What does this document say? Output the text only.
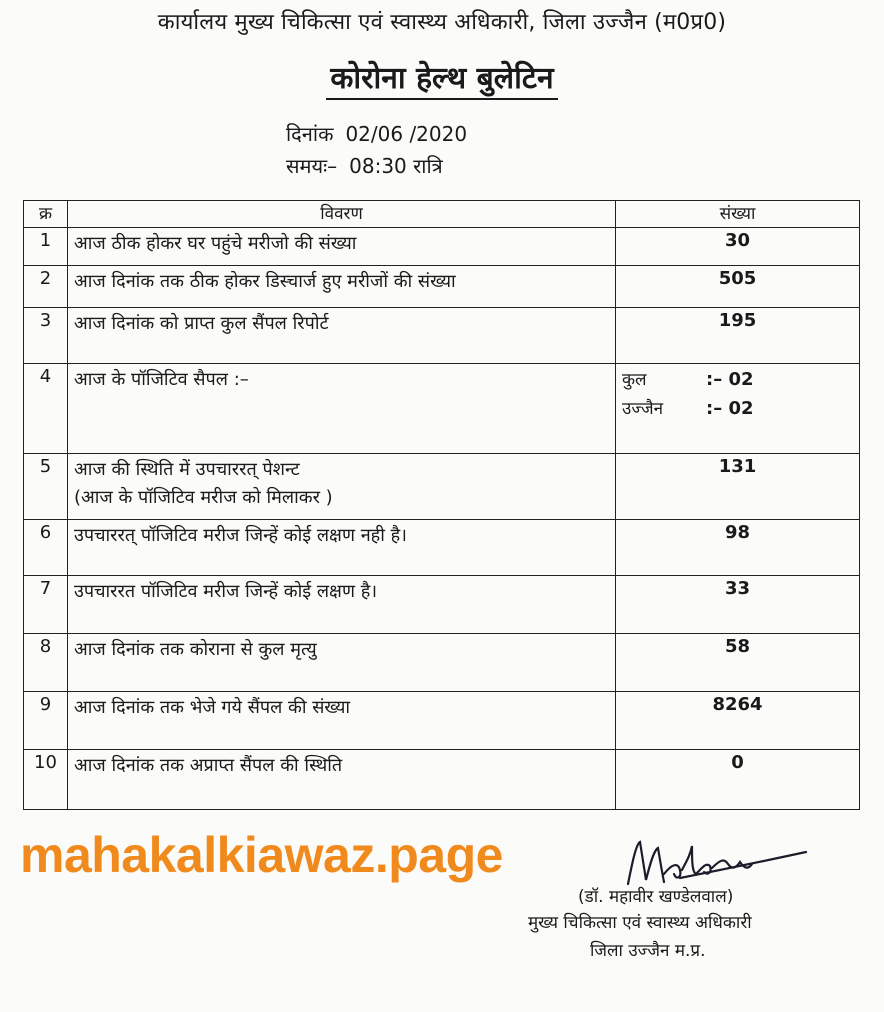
कार्यालय मुख्य चिकित्सा एवं स्वास्थ्य अधिकारी, जिला उज्जैन (म0प्र0)
कोरोना हेल्थ बुलेटिन
दिनांक 02/06 /2020
समयः– 08:30 रात्रि
क्र	विवरण	संख्या
1	आज ठीक होकर घर पहुंचे मरीजो की संख्या	30
2	आज दिनांक तक ठीक होकर डिस्चार्ज हुए मरीजों की संख्या	505
3	आज दिनांक को प्राप्त कुल सैंपल रिपोर्ट	195
4	आज के पॉजिटिव सैपल :–	कुल :– 02
उज्जैन :– 02

5	आज की स्थिति में उपचाररत् पेशन्ट
(आज के पॉजिटिव मरीज को मिलाकर )	131
6	उपचाररत् पॉजिटिव मरीज जिन्हें कोई लक्षण नही है।	98
7	उपचाररत पॉजिटिव मरीज जिन्हें कोई लक्षण है।	33
8	आज दिनांक तक कोराना से कुल मृत्यु	58
9	आज दिनांक तक भेजे गये सैंपल की संख्या	8264
10	आज दिनांक तक अप्राप्त सैंपल की स्थिति	0
mahakalkiawaz.page
(डॉ. महावीर खण्डेलवाल)
मुख्य चिकित्सा एवं स्वास्थ्य अधिकारी
जिला उज्जैन म.प्र.
